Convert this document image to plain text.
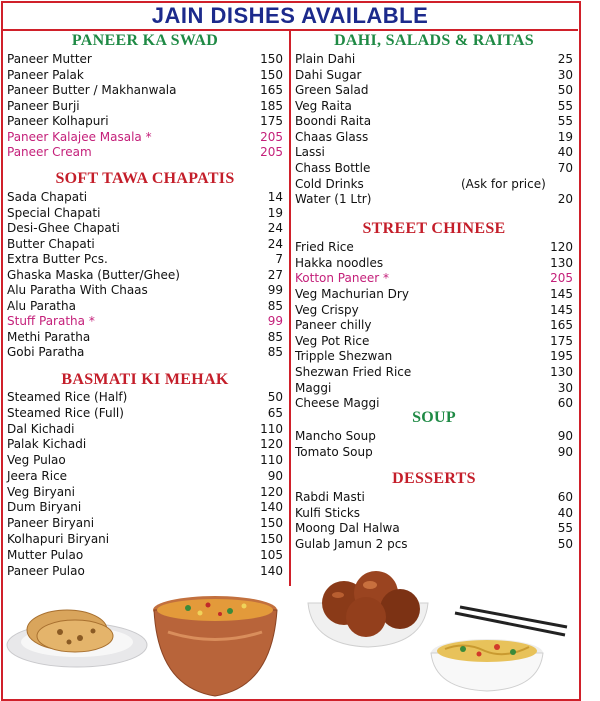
JAIN DISHES AVAILABLE
PANEER KA SWAD
Paneer Mutter	150
Paneer Palak	150
Paneer Butter / Makhanwala	165
Paneer Burji	185
Paneer Kolhapuri	175
Paneer Kalajee Masala *	205
Paneer Cream	205
SOFT TAWA CHAPATIS
Sada Chapati	14
Special Chapati	19
Desi-Ghee Chapati	24
Butter Chapati	24
Extra Butter Pcs.	7
Ghaska Maska (Butter/Ghee)	27
Alu Paratha With Chaas	99
Alu Paratha	85
Stuff Paratha *	99
Methi Paratha	85
Gobi Paratha	85
BASMATI KI MEHAK
Steamed Rice (Half)	50
Steamed Rice (Full)	65
Dal Kichadi	110
Palak Kichadi	120
Veg Pulao	110
Jeera Rice	90
Veg Biryani	120
Dum Biryani	140
Paneer Biryani	150
Kolhapuri Biryani	150
Mutter Pulao	105
Paneer Pulao	140
DAHI, SALADS & RAITAS
Plain Dahi	25
Dahi Sugar	30
Green Salad	50
Veg Raita	55
Boondi Raita	55
Chaas Glass	19
Lassi	40
Chass Bottle	70
Cold Drinks	(Ask for price)
Water (1 Ltr)	20
STREET CHINESE
Fried Rice	120
Hakka noodles	130
Kotton Paneer *	205
Veg Machurian Dry	145
Veg Crispy	145
Paneer chilly	165
Veg Pot Rice	175
Tripple Shezwan	195
Shezwan Fried Rice	130
Maggi	30
Cheese Maggi	60
SOUP
Mancho Soup	90
Tomato Soup	90
DESSERTS
Rabdi Masti	60
Kulfi Sticks	40
Moong Dal Halwa	55
Gulab Jamun 2 pcs	50
